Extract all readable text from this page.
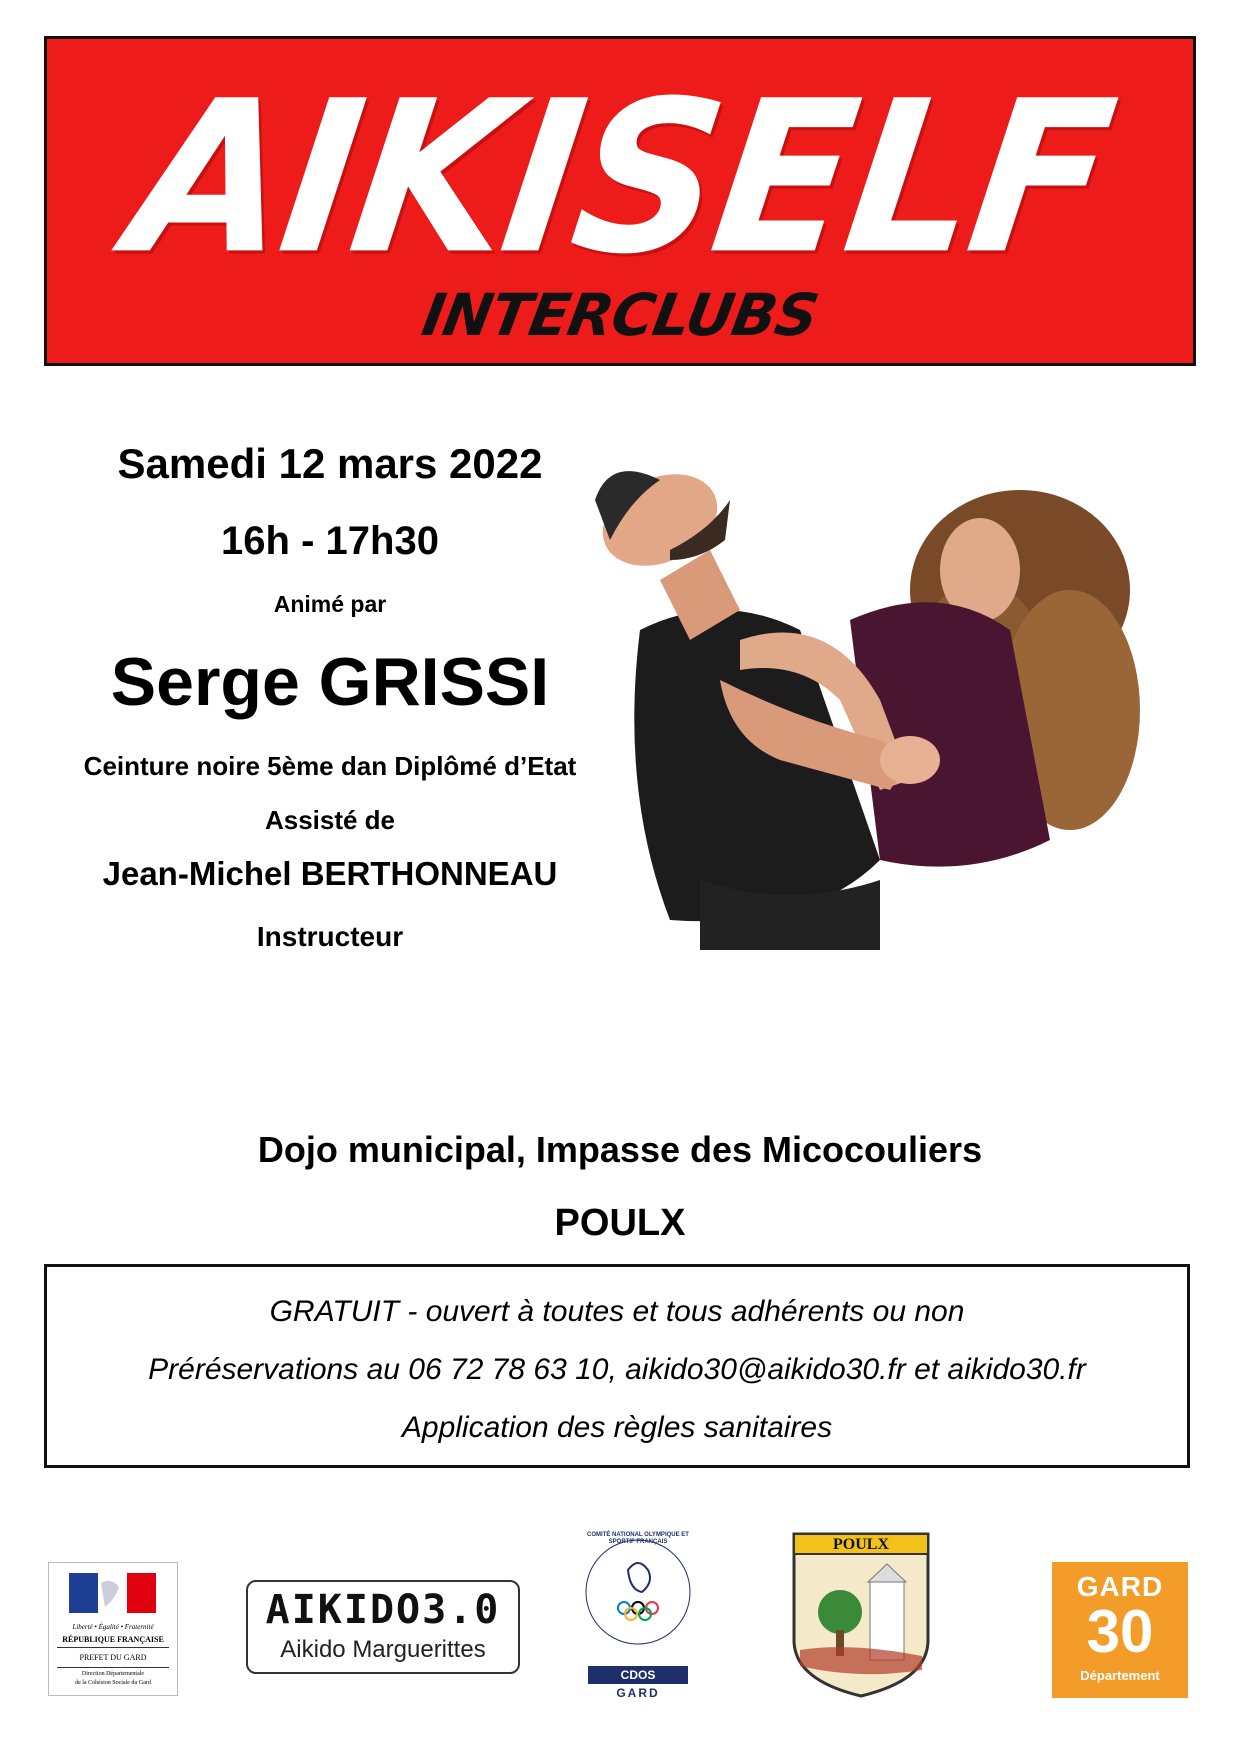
AIKISELF
INTERCLUBS
Samedi 12 mars 2022
16h - 17h30
Animé par
Serge GRISSI
Ceinture noire 5ème dan Diplômé d’Etat
Assisté de
Jean-Michel BERTHONNEAU
Instructeur
Dojo municipal, Impasse des Micocouliers
POULX
GRATUIT - ouvert à toutes et tous adhérents ou non
Préréservations au 06 72 78 63 10, aikido30@aikido30.fr et aikido30.fr
Application des règles sanitaires
Liberté • Égalité • Fraternité
RÉPUBLIQUE FRANÇAISE
PREFET DU GARD
Direction Départementale
de la Cohésion Sociale du Gard
AIKIDO3.0
Aikido Marguerittes
COMITÉ NATIONAL OLYMPIQUE ET SPORTIF FRANÇAIS
CDOS
GARD
POULX
GARD
30
Département
